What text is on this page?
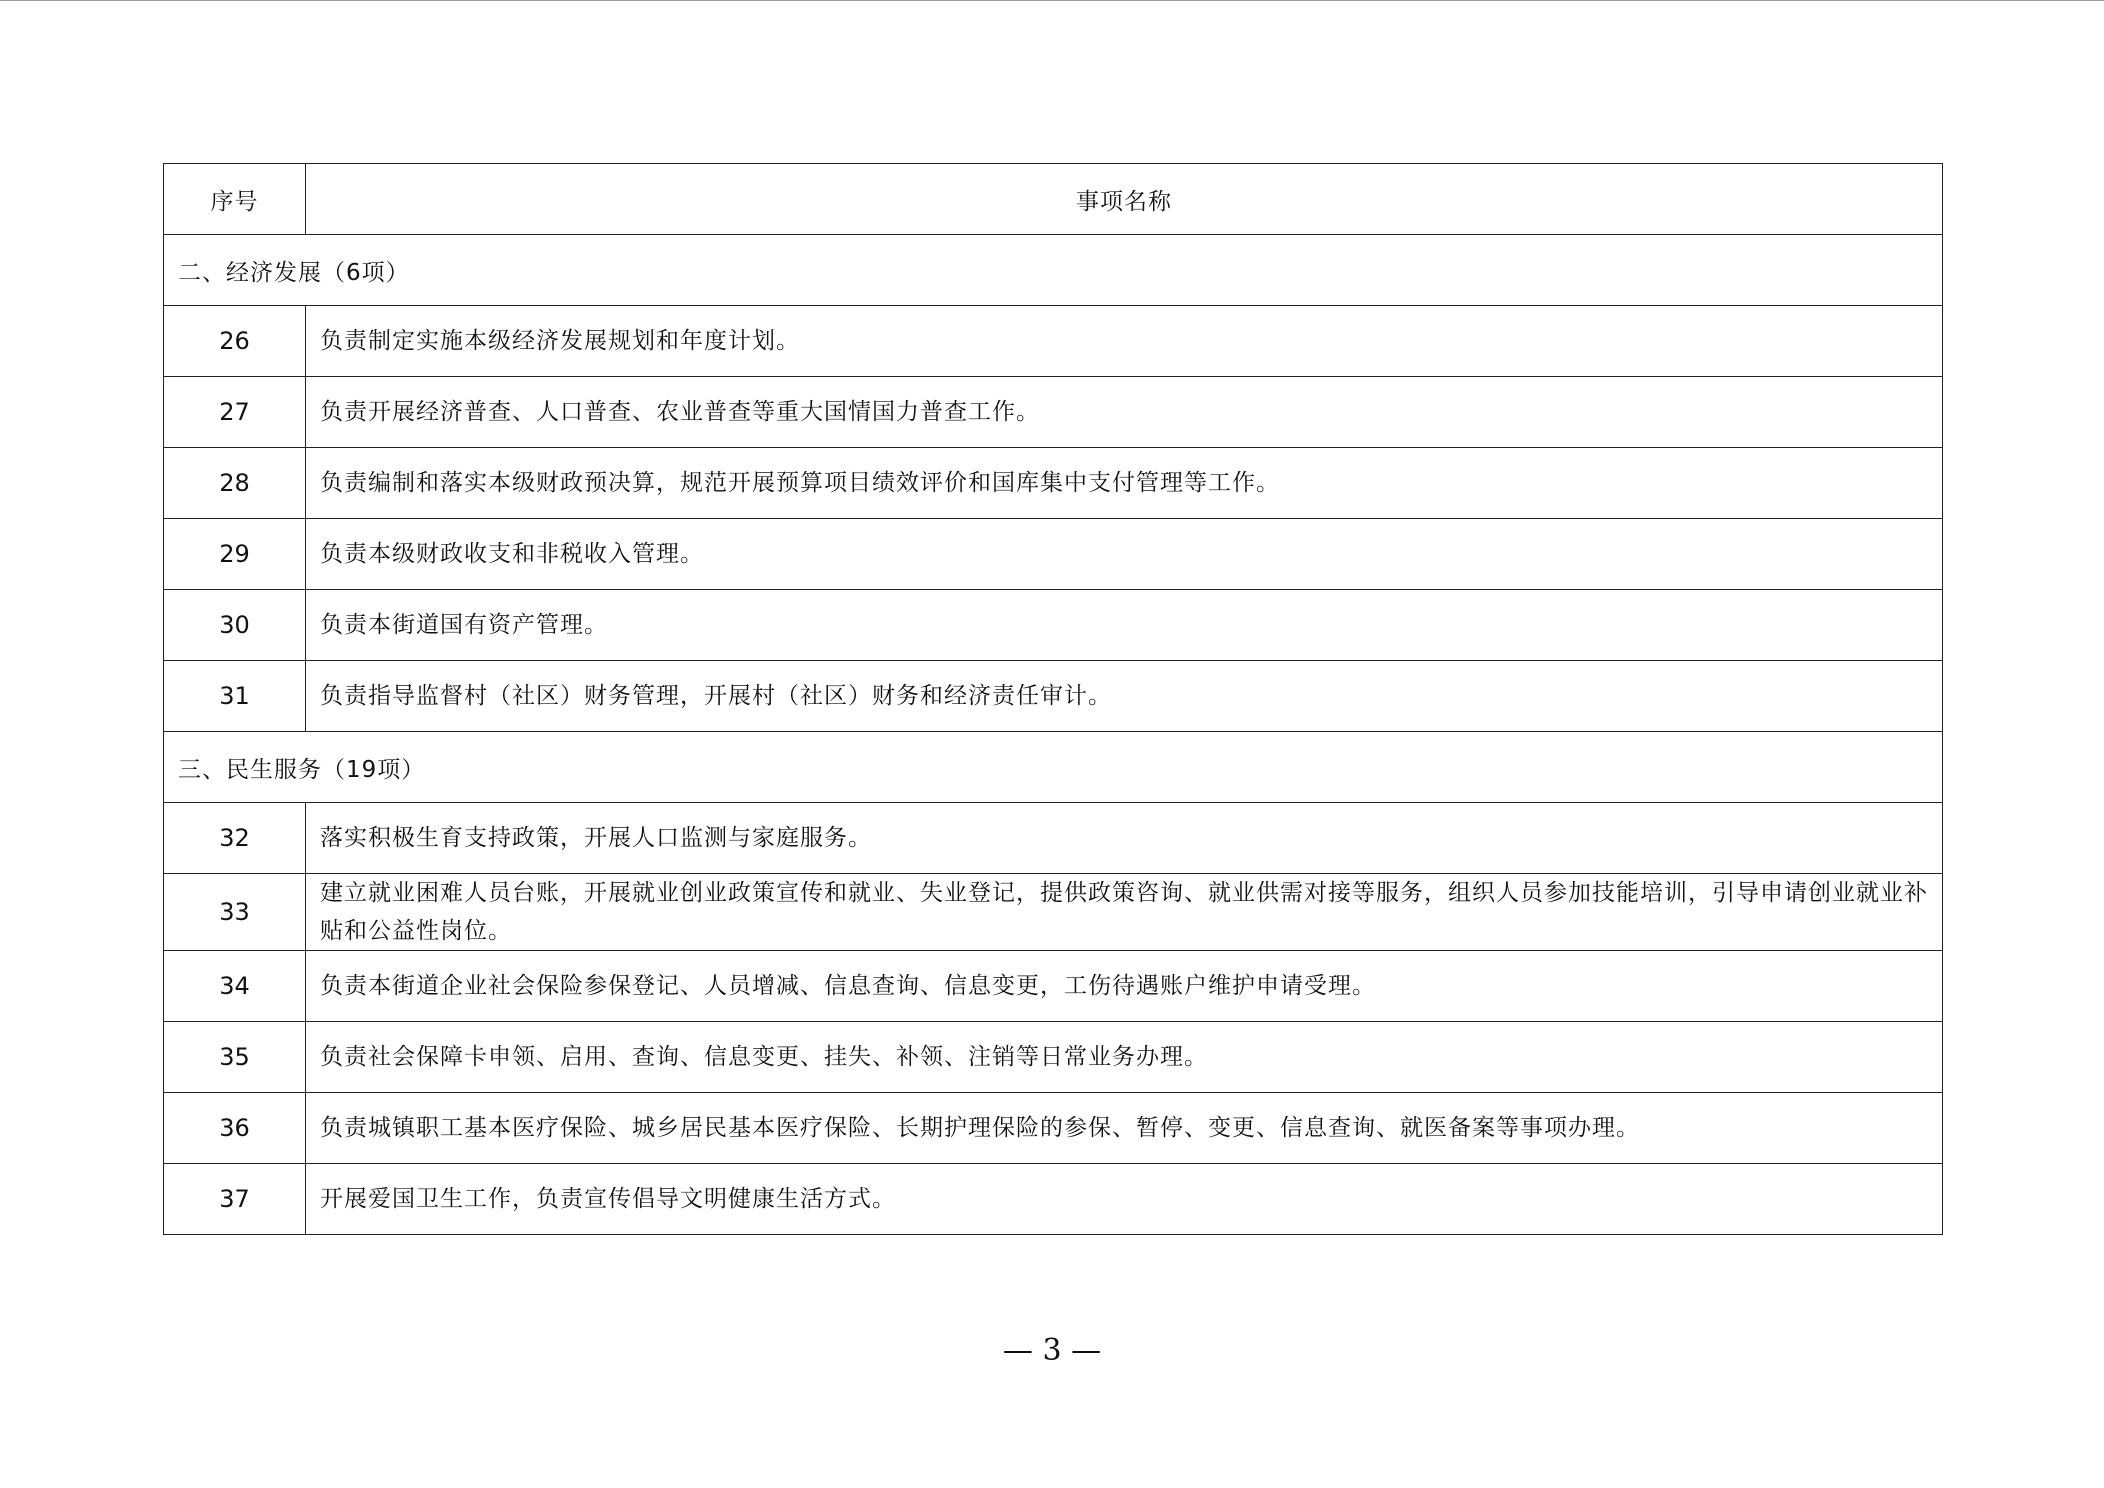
序号	事项名称
二、经济发展（6项）	
26	负责制定实施本级经济发展规划和年度计划。
27	负责开展经济普查、人口普查、农业普查等重大国情国力普查工作。
28	负责编制和落实本级财政预决算，规范开展预算项目绩效评价和国库集中支付管理等工作。
29	负责本级财政收支和非税收入管理。
30	负责本街道国有资产管理。
31	负责指导监督村（社区）财务管理，开展村（社区）财务和经济责任审计。
三、民生服务（19项）	
32	落实积极生育支持政策，开展人口监测与家庭服务。
33	建立就业困难人员台账，开展就业创业政策宣传和就业、失业登记，提供政策咨询、就业供需对接等服务，组织人员参加技能培训，引导申请创业就业补贴和公益性岗位。
34	负责本街道企业社会保险参保登记、人员增减、信息查询、信息变更，工伤待遇账户维护申请受理。
35	负责社会保障卡申领、启用、查询、信息变更、挂失、补领、注销等日常业务办理。
36	负责城镇职工基本医疗保险、城乡居民基本医疗保险、长期护理保险的参保、暂停、变更、信息查询、就医备案等事项办理。
37	开展爱国卫生工作，负责宣传倡导文明健康生活方式。
— 3 —
